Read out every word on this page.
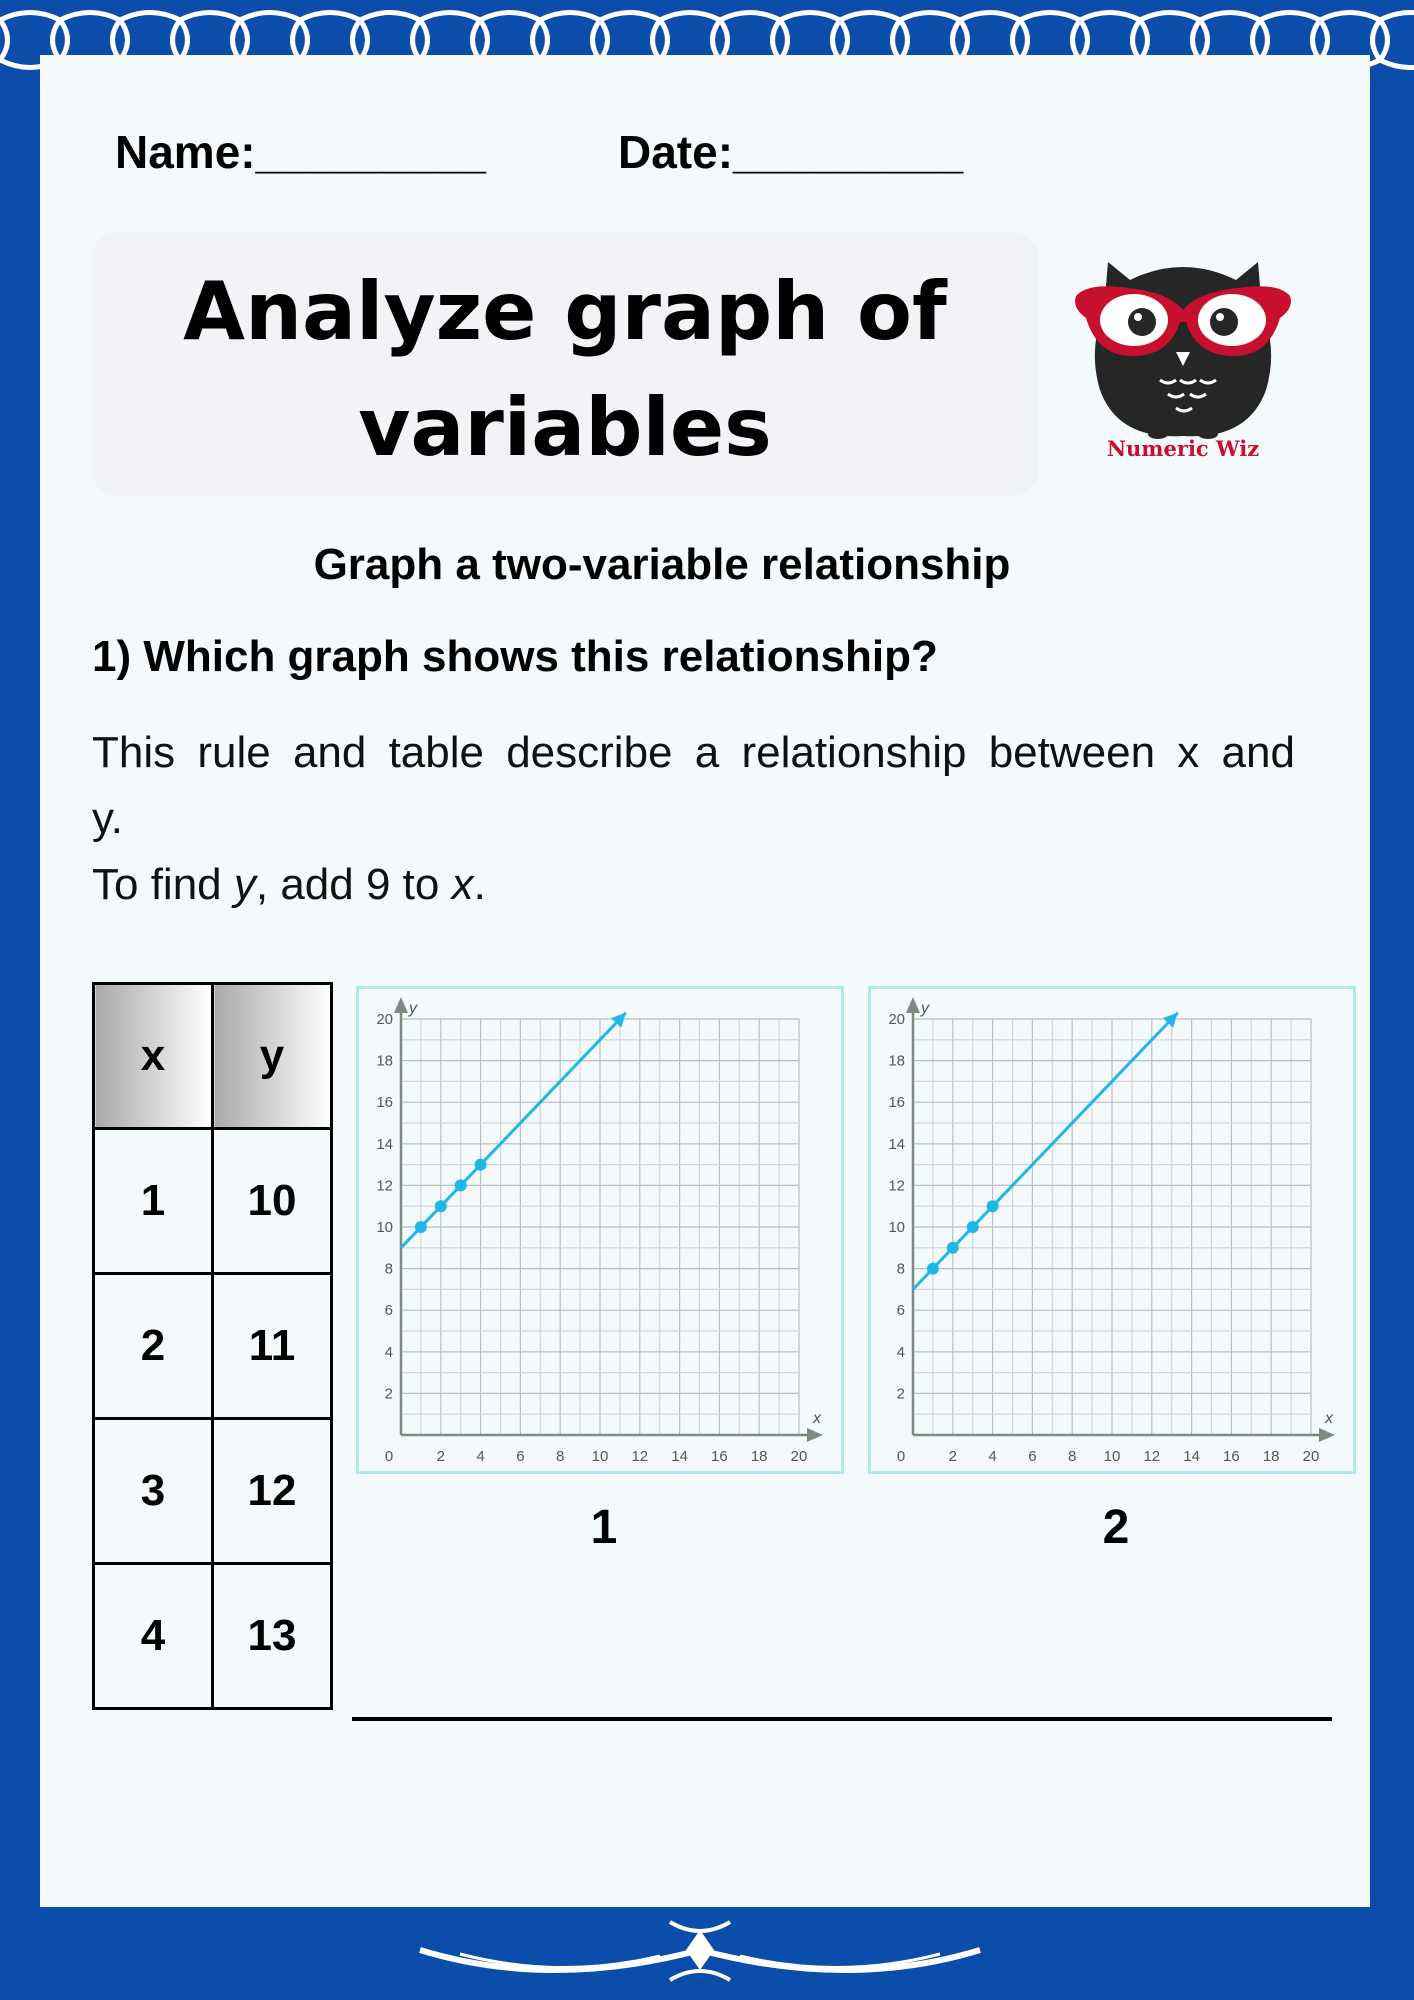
Name:_________	Date:_________
Analyze graph of
variables	Numeric Wiz
Graph a two-variable relationship
1) Which graph shows this relationship?

This rule and table describe a relationship between x and y.

To find y, add 9 to x.

x	y
1	10
2	11
3	12
4	13
0	2 4 6 8 10 12 14 16 18 20
2
4
6
8
10
12
14
16
18
20
x
y
0	2 4 6 8 10 12 14 16 18 20
2
4
6
8
10
12
14
16
18
20
x
y
1	2
